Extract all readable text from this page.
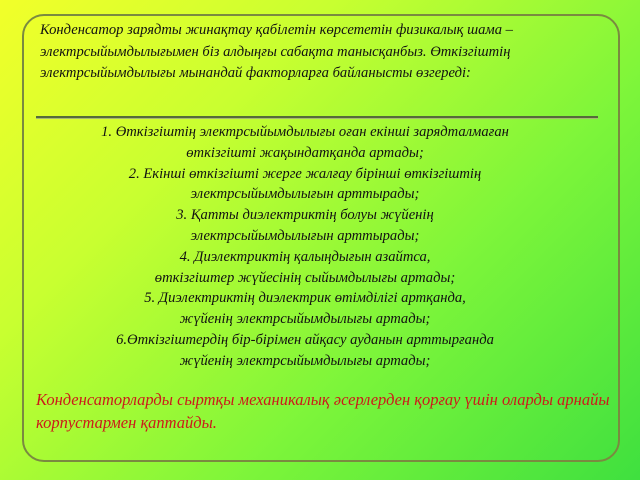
Конденсатор зарядты жинақтау қабілетін көрсететін физикалық шама – электрсыйымдылығымен біз алдыңғы сабақта танысқанбыз. Өткізгіштің электрсыйымдылығы мынандай факторларға байланысты өзгереді:

1. Өткізгіштің электрсыйымдылығы оған екінші зарядталмаған
өткізгішті жақындатқанда артады;
2. Екінші өткізгішті жерге жалғау бірінші өткізгіштің
электрсыйымдылығын арттырады;
3. Қатты диэлектриктің болуы жүйенің
электрсыйымдылығын арттырады;
4. Диэлектриктің қалыңдығын азайтса,
өткізгіштер жүйесінің сыйымдылығы артады;
5. Диэлектриктің диэлектрик өтімділігі артқанда,
жүйенің электрсыйымдылығы артады;
6.Өткізгіштердің бір-бірімен айқасу ауданын арттырғанда
жүйенің электрсыйымдылығы артады;

Конденсаторларды сыртқы механикалық әсерлерден қорғау үшін оларды арнайы корпустармен қаптайды.
